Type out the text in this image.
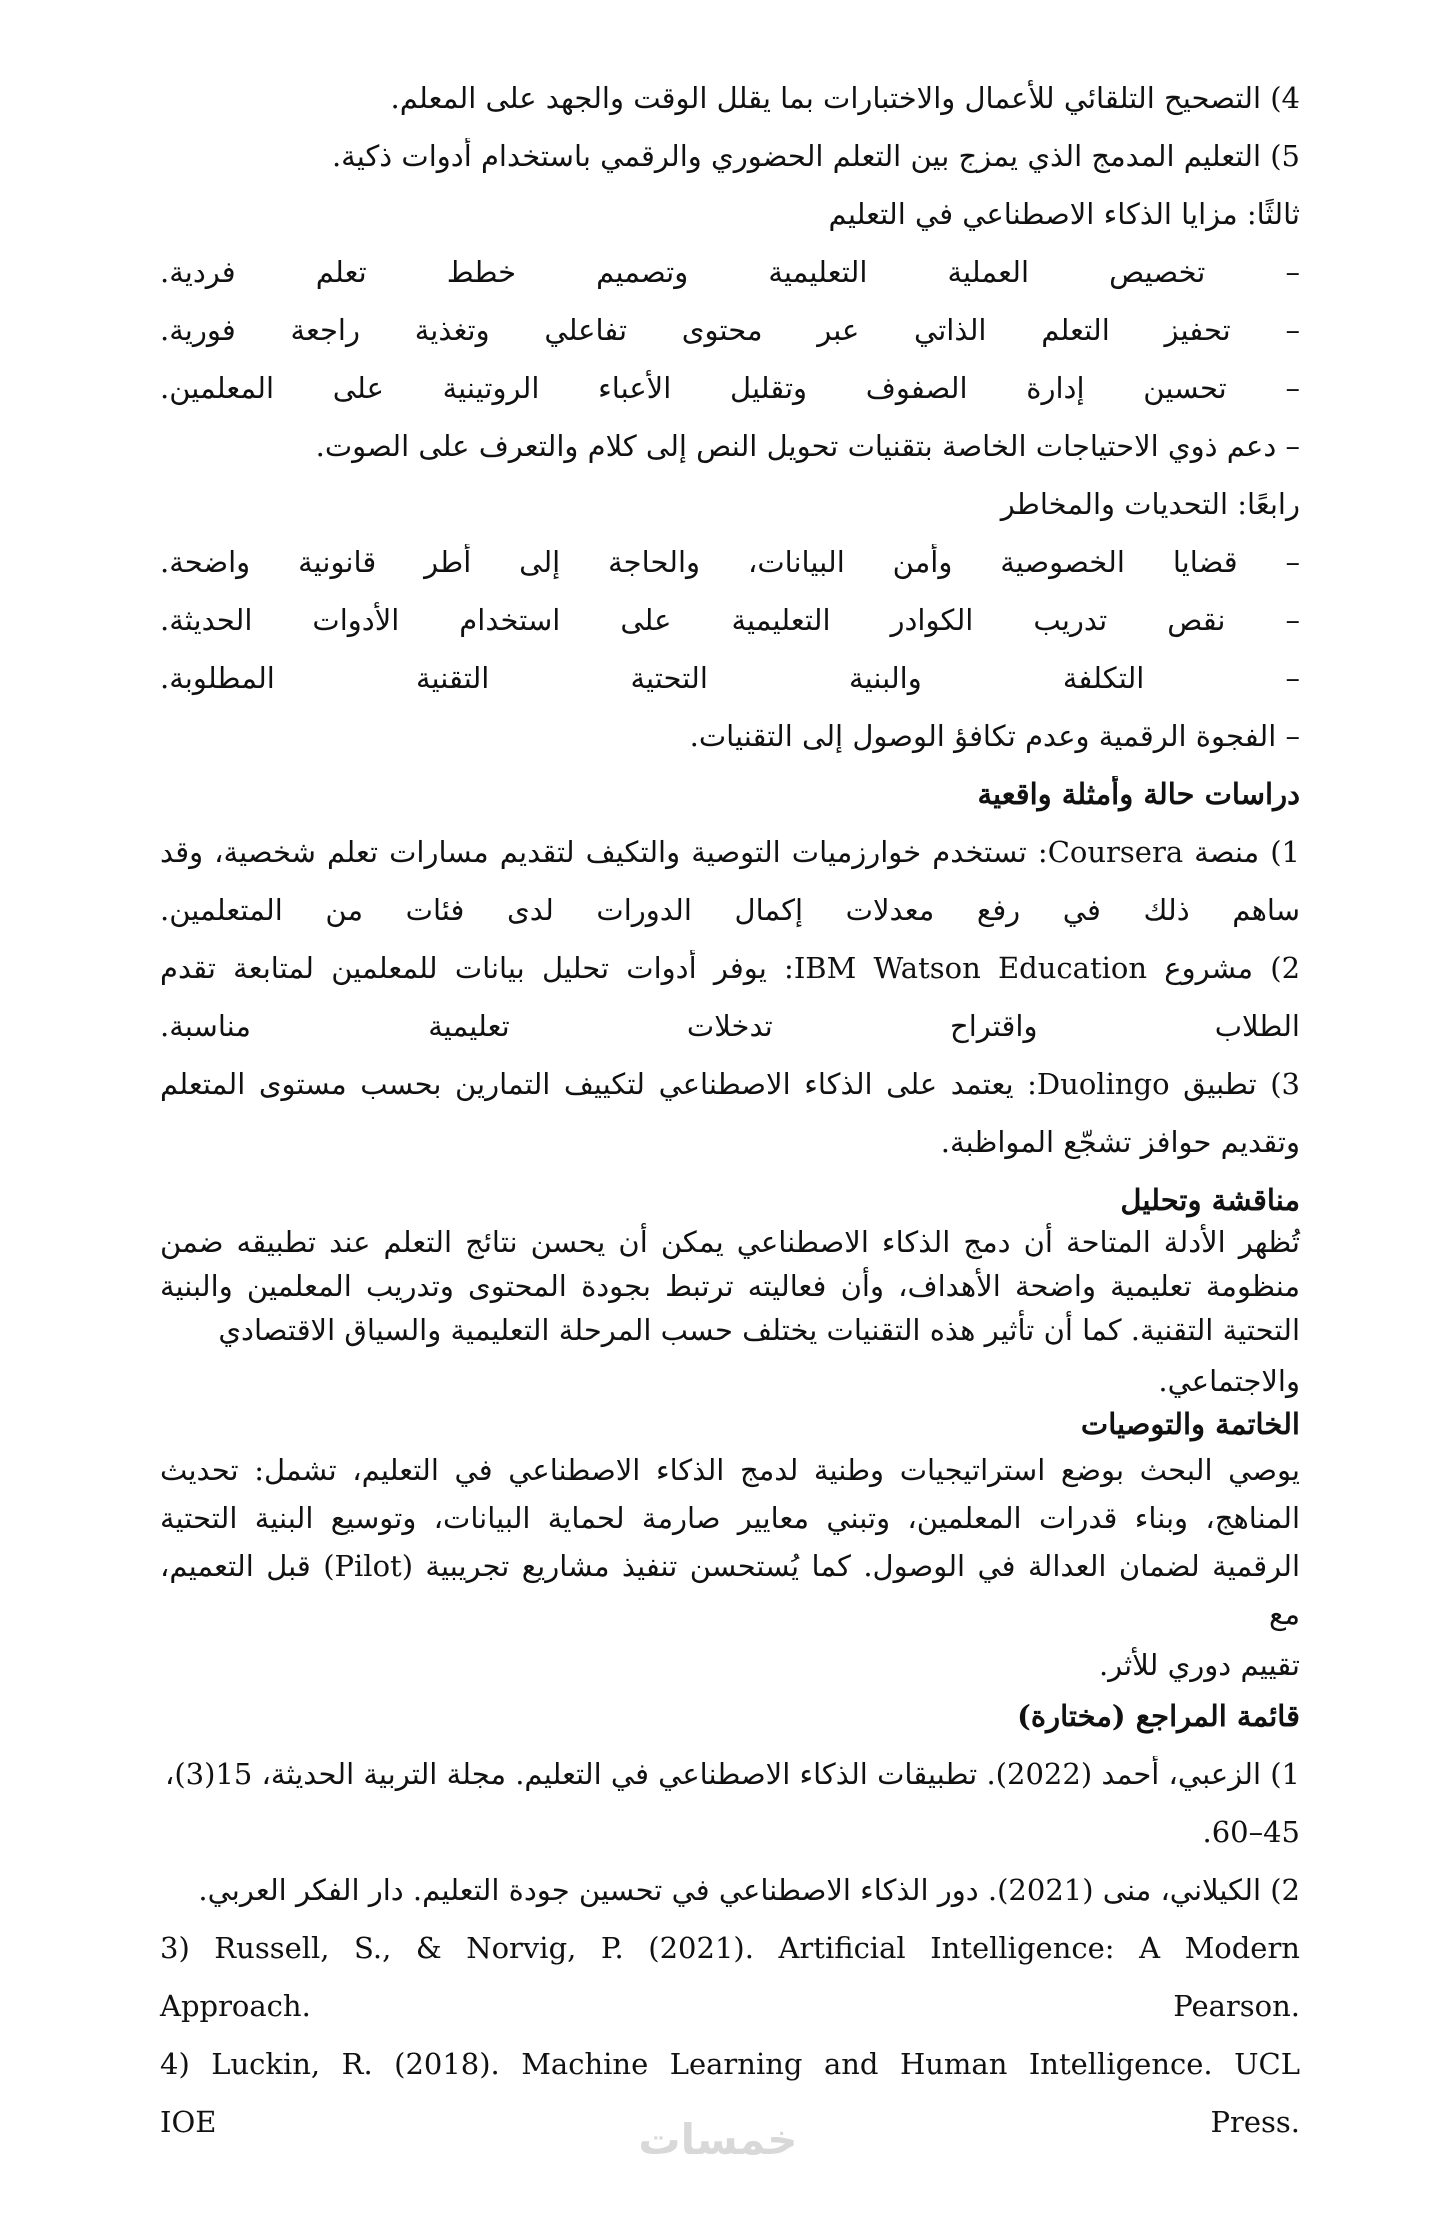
4) التصحيح التلقائي للأعمال والاختبارات بما يقلل الوقت والجهد على المعلم.
5) التعليم المدمج الذي يمزج بين التعلم الحضوري والرقمي باستخدام أدوات ذكية.
ثالثًا: مزايا الذكاء الاصطناعي في التعليم
– تخصيص العملية التعليمية وتصميم خطط تعلم فردية.
– تحفيز التعلم الذاتي عبر محتوى تفاعلي وتغذية راجعة فورية.
– تحسين إدارة الصفوف وتقليل الأعباء الروتينية على المعلمين.
– دعم ذوي الاحتياجات الخاصة بتقنيات تحويل النص إلى كلام والتعرف على الصوت.
رابعًا: التحديات والمخاطر
– قضايا الخصوصية وأمن البيانات، والحاجة إلى أطر قانونية واضحة.
– نقص تدريب الكوادر التعليمية على استخدام الأدوات الحديثة.
– التكلفة والبنية التحتية التقنية المطلوبة.
– الفجوة الرقمية وعدم تكافؤ الوصول إلى التقنيات.
دراسات حالة وأمثلة واقعية
1) منصة Coursera: تستخدم خوارزميات التوصية والتكيف لتقديم مسارات تعلم شخصية، وقد
ساهم ذلك في رفع معدلات إكمال الدورات لدى فئات من المتعلمين.
2) مشروع IBM Watson Education: يوفر أدوات تحليل بيانات للمعلمين لمتابعة تقدم
الطلاب واقتراح تدخلات تعليمية مناسبة.
3) تطبيق Duolingo: يعتمد على الذكاء الاصطناعي لتكييف التمارين بحسب مستوى المتعلم
وتقديم حوافز تشجّع المواظبة.
مناقشة وتحليل

تُظهر الأدلة المتاحة أن دمج الذكاء الاصطناعي يمكن أن يحسن نتائج التعلم عند تطبيقه ضمن منظومة تعليمية واضحة الأهداف، وأن فعاليته ترتبط بجودة المحتوى وتدريب المعلمين والبنية التحتية التقنية. كما أن تأثير هذه التقنيات يختلف حسب المرحلة التعليمية والسياق الاقتصادي
والاجتماعي.

الخاتمة والتوصيات

يوصي البحث بوضع استراتيجيات وطنية لدمج الذكاء الاصطناعي في التعليم، تشمل: تحديث المناهج، وبناء قدرات المعلمين، وتبني معايير صارمة لحماية البيانات، وتوسيع البنية التحتية الرقمية لضمان العدالة في الوصول. كما يُستحسن تنفيذ مشاريع تجريبية (Pilot) قبل التعميم، مع
تقييم دوري للأثر.

قائمة المراجع (مختارة)
1) الزعبي، أحمد (2022). تطبيقات الذكاء الاصطناعي في التعليم. مجلة التربية الحديثة، 15(3)،
45–60.
2) الكيلاني، منى (2021). دور الذكاء الاصطناعي في تحسين جودة التعليم. دار الفكر العربي.
3) Russell, S., & Norvig, P. (2021). Artificial Intelligence: A Modern
Approach.	Pearson.
4) Luckin, R. (2018). Machine Learning and Human Intelligence. UCL
IOE	Press.
خمسات
